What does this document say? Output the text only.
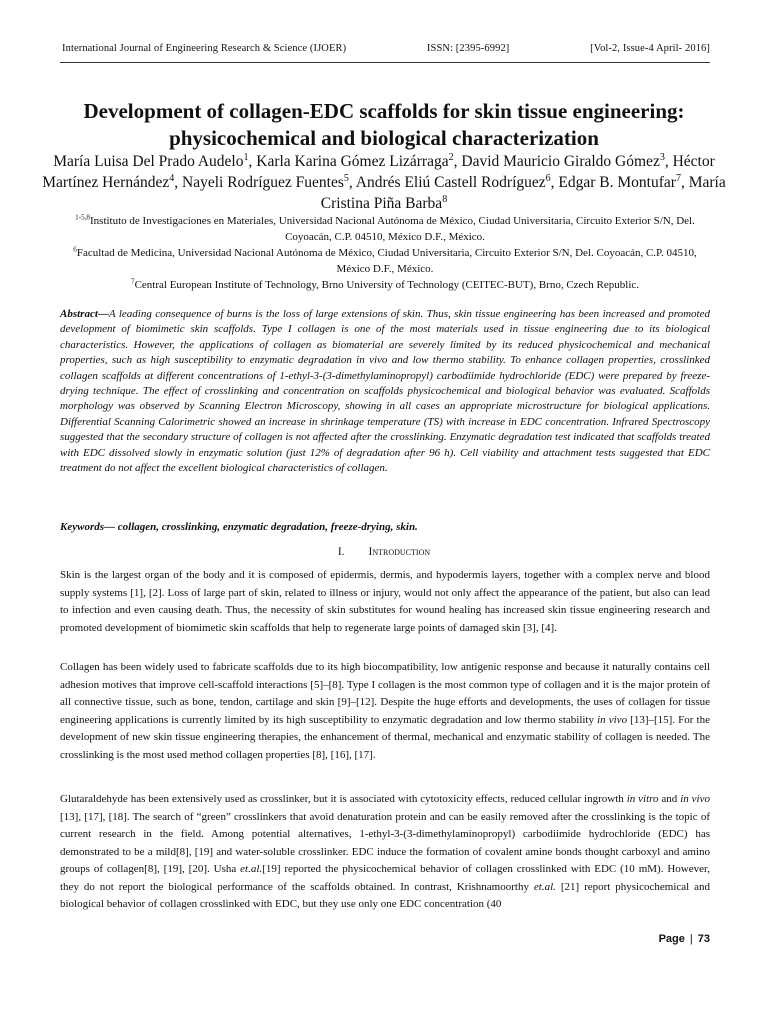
International Journal of Engineering Research & Science (IJOER)	ISSN: [2395-6992]	[Vol-2, Issue-4 April- 2016]
Development of collagen-EDC scaffolds for skin tissue engineering: physicochemical and biological characterization
María Luisa Del Prado Audelo$^1$, Karla Karina Gómez Lizárraga$^2$, David Mauricio Giraldo Gómez$^3$, Héctor Martínez Hernández$^4$, Nayeli Rodríguez Fuentes$^5$, Andrés Eliú Castell Rodríguez$^6$, Edgar B. Montufar$^7$, María Cristina Piña Barba$^8$
$^{1-5,8}$Instituto de Investigaciones en Materiales, Universidad Nacional Autónoma de México, Ciudad Universitaria, Circuito Exterior S/N, Del. Coyoacán, C.P. 04510, México D.F., México.
$^6$Facultad de Medicina, Universidad Nacional Autónoma de México, Ciudad Universitaria, Circuito Exterior S/N, Del. Coyoacán, C.P. 04510, México D.F., México.
$^7$Central European Institute of Technology, Brno University of Technology (CEITEC-BUT), Brno, Czech Republic.
Abstract—A leading consequence of burns is the loss of large extensions of skin. Thus, skin tissue engineering has been increased and promoted development of biomimetic skin scaffolds. Type I collagen is one of the most materials used in tissue engineering due to its biological characteristics. However, the applications of collagen as biomaterial are severely limited by its reduced physicochemical and mechanical properties, such as high susceptibility to enzymatic degradation in vivo and low thermo stability. To enhance collagen properties, crosslinked collagen scaffolds at different concentrations of 1-ethyl-3-(3-dimethylaminopropyl) carbodiimide hydrochloride (EDC) were prepared by freeze-drying technique. The effect of crosslinking and concentration on scaffolds physicochemical and biological behavior was evaluated. Scaffolds morphology was observed by Scanning Electron Microscopy, showing in all cases an appropriate microstructure for biological applications. Differential Scanning Calorimetric showed an increase in shrinkage temperature (TS) with increase in EDC concentration. Infrared Spectroscopy suggested that the secondary structure of collagen is not affected after the crosslinking. Enzymatic degradation test indicated that scaffolds treated with EDC dissolved slowly in enzymatic solution (just 12% of degradation after 96 h). Cell viability and attachment tests suggested that EDC treatment do not affect the excellent biological characteristics of collagen.
Keywords— collagen, crosslinking, enzymatic degradation, freeze-drying, skin.
I. Introduction
Skin is the largest organ of the body and it is composed of epidermis, dermis, and hypodermis layers, together with a complex nerve and blood supply systems [1], [2]. Loss of large part of skin, related to illness or injury, would not only affect the appearance of the patient, but also can lead to infection and even causing death. Thus, the necessity of skin substitutes for wound healing has increased skin tissue engineering research and promoted development of biomimetic skin scaffolds that help to regenerate large points of damaged skin [3], [4].
Collagen has been widely used to fabricate scaffolds due to its high biocompatibility, low antigenic response and because it naturally contains cell adhesion motives that improve cell-scaffold interactions [5]–[8]. Type I collagen is the most common type of collagen and it is the major protein of all connective tissue, such as bone, tendon, cartilage and skin [9]–[12]. Despite the huge efforts and developments, the uses of collagen for tissue engineering applications is currently limited by its high susceptibility to enzymatic degradation and low thermo stability in vivo [13]–[15]. For the development of new skin tissue engineering therapies, the enhancement of thermal, mechanical and enzymatic stability of collagen is needed. The crosslinking is the most used method collagen properties [8], [16], [17].
Glutaraldehyde has been extensively used as crosslinker, but it is associated with cytotoxicity effects, reduced cellular ingrowth in vitro and in vivo [13], [17], [18]. The search of “green” crosslinkers that avoid denaturation protein and can be easily removed after the crosslinking is the topic of current research in the field. Among potential alternatives, 1-ethyl-3-(3-dimethylaminopropyl) carbodiimide hydrochloride (EDC) has demonstrated to be a mild[8], [19] and water-soluble crosslinker. EDC induce the formation of covalent amine bonds thought carboxyl and amino groups of collagen[8], [19], [20]. Usha et.al.[19] reported the physicochemical behavior of collagen crosslinked with EDC (10 mM). However, they do not report the biological performance of the scaffolds obtained. In contrast, Krishnamoorthy et.al. [21] report physicochemical and biological behavior of collagen crosslinked with EDC, but they use only one EDC concentration (40
Page | 73
